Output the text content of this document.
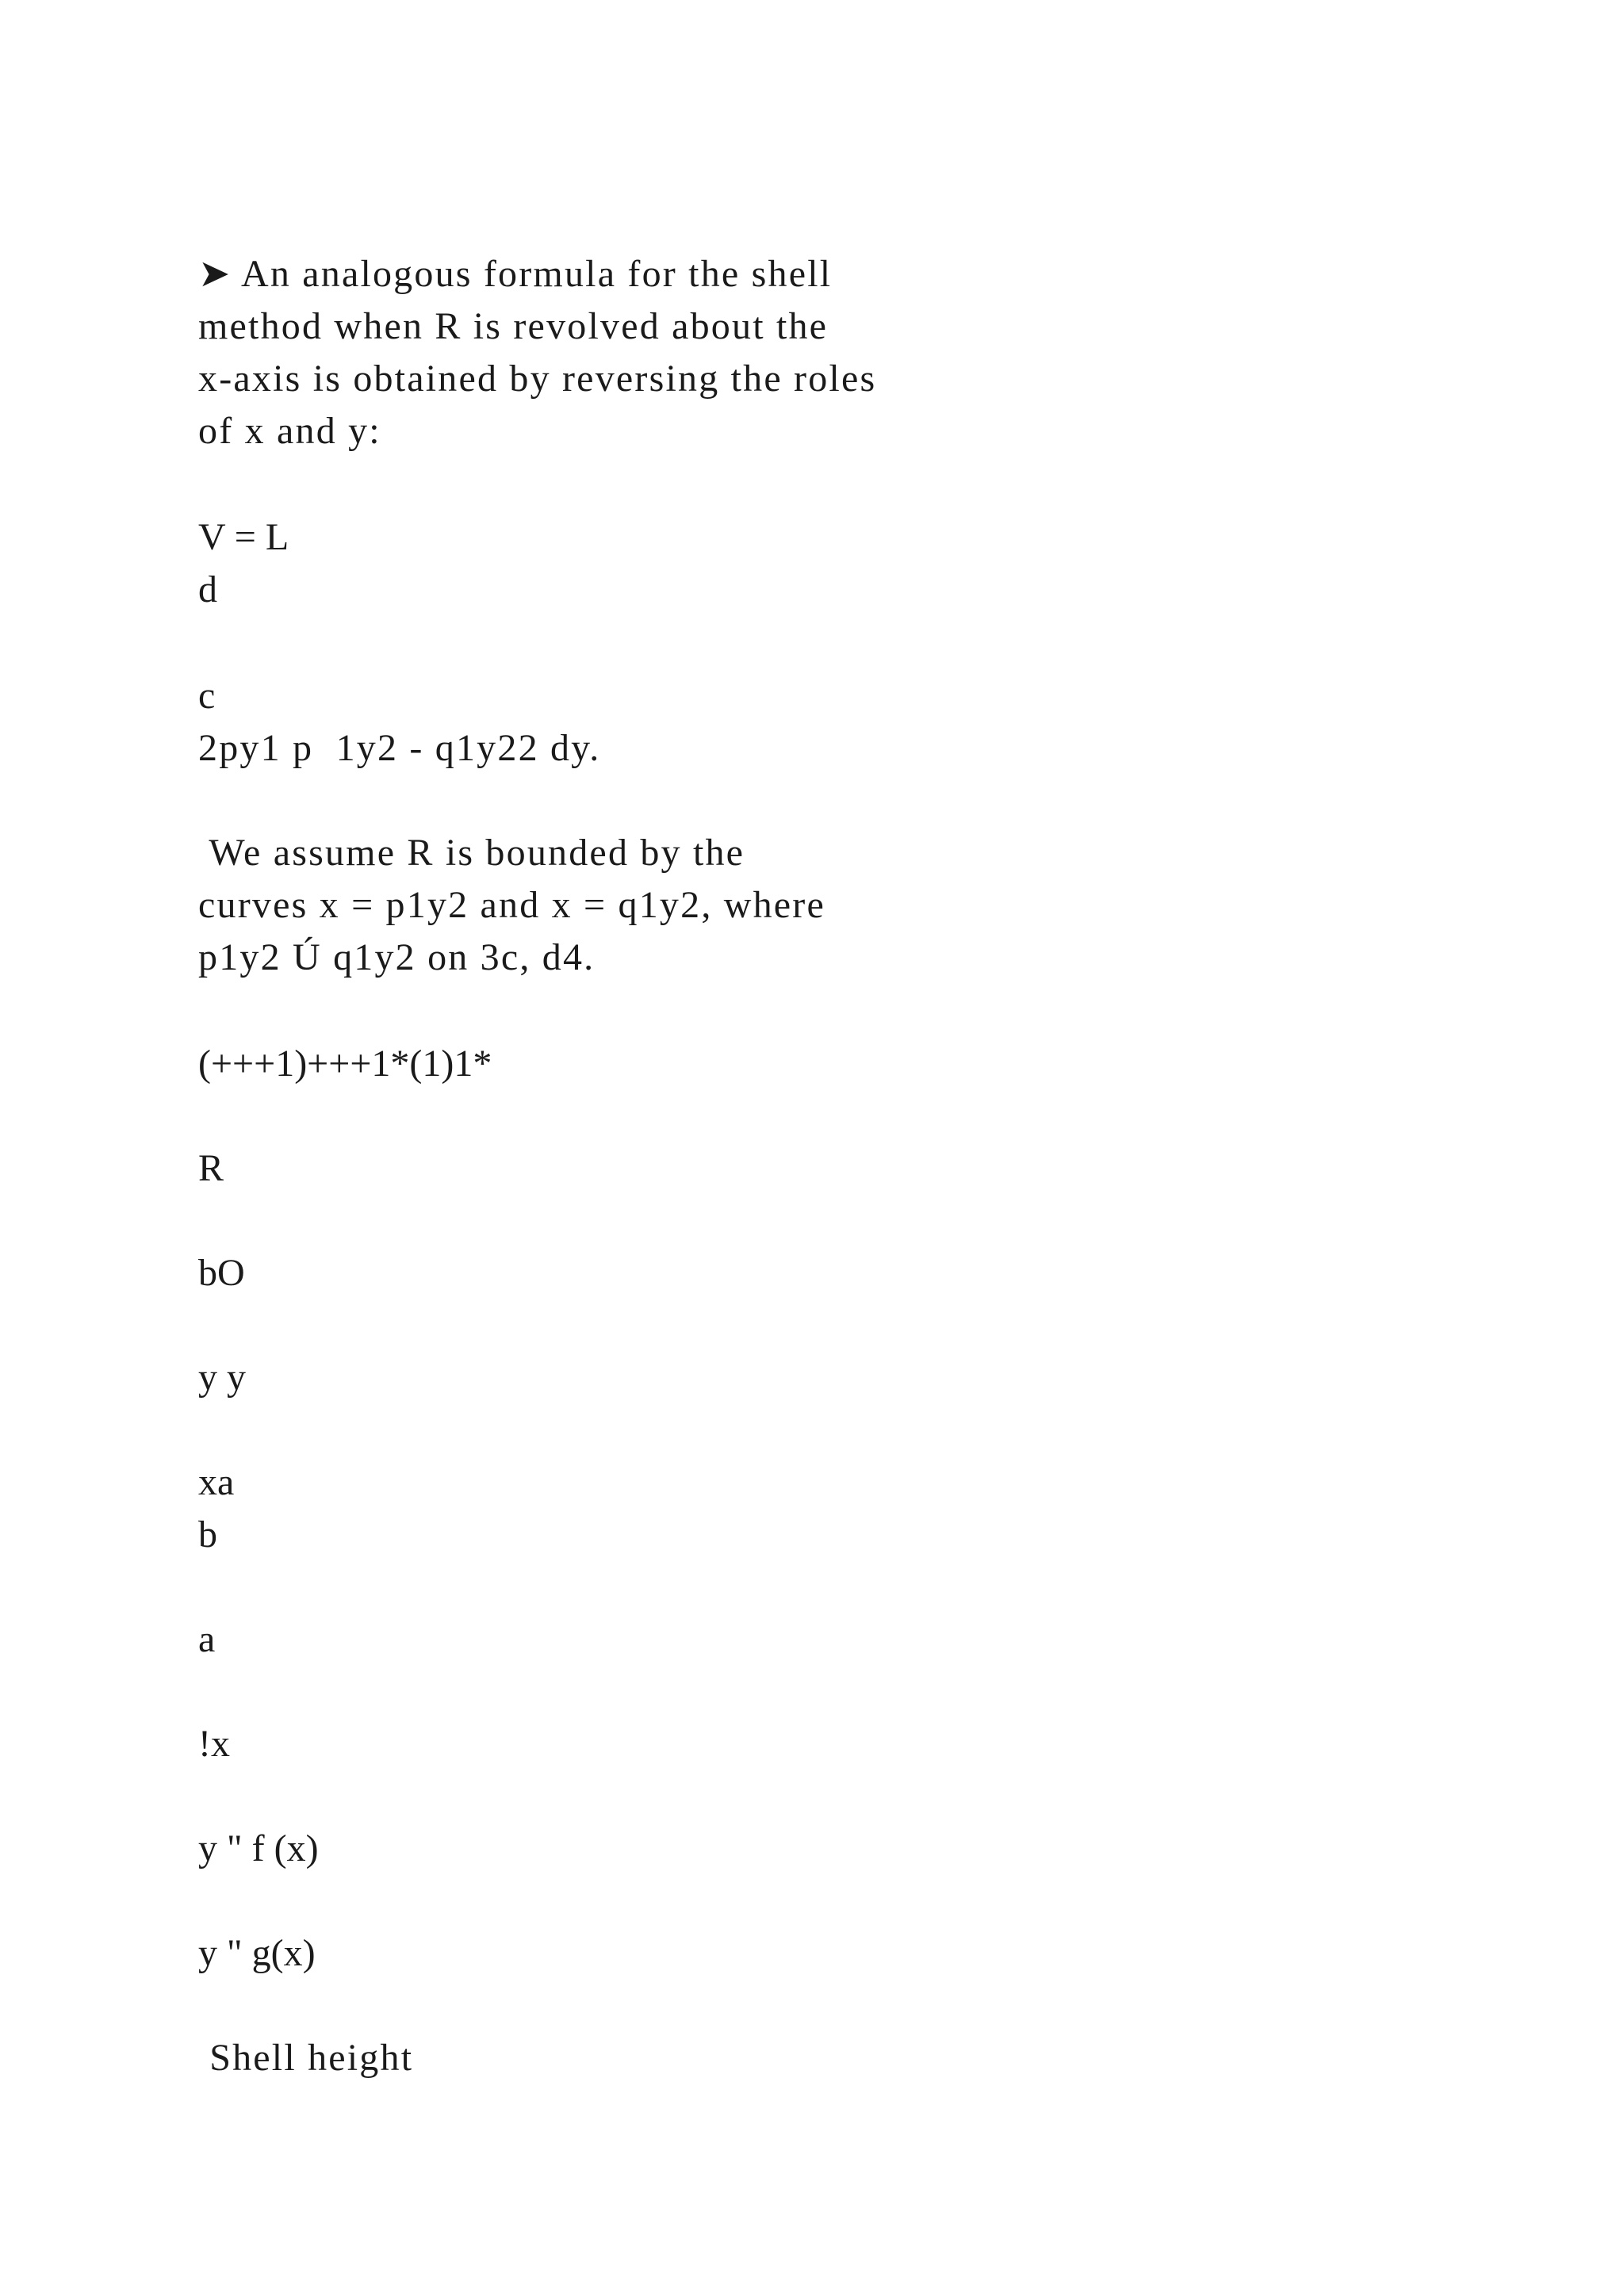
➤ An analogous formula for the shell

method when R is revolved about the

x-axis is obtained by reversing the roles

of x and y:

V = L

d

c

2py1 p  1y2 - q1y22 dy.

We assume R is bounded by the

curves x = p1y2 and x = q1y2, where

p1y2 Ú q1y2 on 3c, d4.

(+++1)+++1*(1)1*

R

bO

y y

xa

b

a

!x

y " f (x)

y " g(x)

Shell height
